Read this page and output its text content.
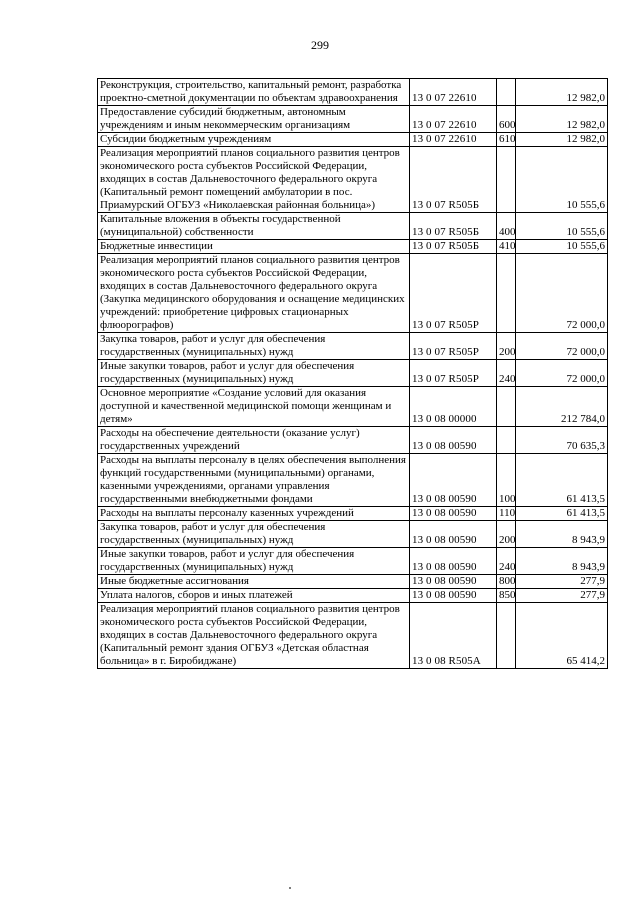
299
Реконструкция, строительство, капитальный ремонт, разработка проектно-сметной документации по объектам здравоохранения	13 0 07 22610		12 982,0
Предоставление субсидий бюджетным, автономным учреждениям и иным некоммерческим организациям	13 0 07 22610	600	12 982,0
Субсидии бюджетным учреждениям	13 0 07 22610	610	12 982,0
Реализация мероприятий планов социального развития центров экономического роста субъектов Российской Федерации, входящих в состав Дальневосточного федерального округа (Капитальный ремонт помещений амбулатории в пос. Приамурский ОГБУЗ «Николаевская районная больница»)	13 0 07 R505Б		10 555,6
Капитальные вложения в объекты государственной (муниципальной) собственности	13 0 07 R505Б	400	10 555,6
Бюджетные инвестиции	13 0 07 R505Б	410	10 555,6
Реализация мероприятий планов социального развития центров экономического роста субъектов Российской Федерации, входящих в состав Дальневосточного федерального округа (Закупка медицинского оборудования и оснащение медицинских учреждений: приобретение цифровых стационарных флюорографов)	13 0 07 R505P		72 000,0
Закупка товаров, работ и услуг для обеспечения государственных (муниципальных) нужд	13 0 07 R505P	200	72 000,0
Иные закупки товаров, работ и услуг для обеспечения государственных (муниципальных) нужд	13 0 07 R505P	240	72 000,0
Основное мероприятие «Создание условий для оказания доступной и качественной медицинской помощи женщинам и детям»	13 0 08 00000		212 784,0
Расходы на обеспечение деятельности (оказание услуг) государственных учреждений	13 0 08 00590		70 635,3
Расходы на выплаты персоналу в целях обеспечения выполнения функций государственными (муниципальными) органами, казенными учреждениями, органами управления государственными внебюджетными фондами	13 0 08 00590	100	61 413,5
Расходы на выплаты персоналу казенных учреждений	13 0 08 00590	110	61 413,5
Закупка товаров, работ и услуг для обеспечения государственных (муниципальных) нужд	13 0 08 00590	200	8 943,9
Иные закупки товаров, работ и услуг для обеспечения государственных (муниципальных) нужд	13 0 08 00590	240	8 943,9
Иные бюджетные ассигнования	13 0 08 00590	800	277,9
Уплата налогов, сборов и иных платежей	13 0 08 00590	850	277,9
Реализация мероприятий планов социального развития центров экономического роста субъектов Российской Федерации, входящих в состав Дальневосточного федерального округа (Капитальный ремонт здания ОГБУЗ «Детская областная больница» в г. Биробиджане)	13 0 08 R505A		65 414,2
